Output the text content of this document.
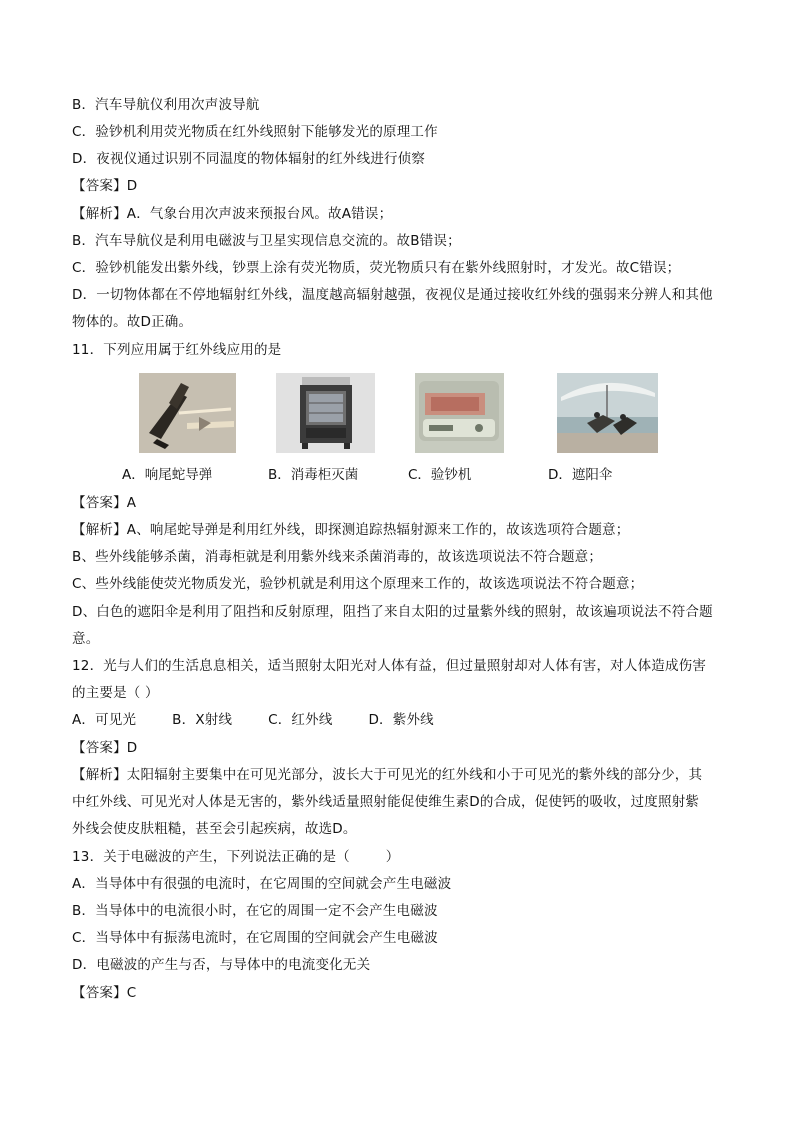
B．汽车导航仪利用次声波导航
C．验钞机利用荧光物质在红外线照射下能够发光的原理工作
D．夜视仪通过识别不同温度的物体辐射的红外线进行侦察
【答案】D
【解析】A．气象台用次声波来预报台风。故A错误；
B．汽车导航仪是利用电磁波与卫星实现信息交流的。故B错误；
C．验钞机能发出紫外线，钞票上涂有荧光物质，荧光物质只有在紫外线照射时，才发光。故C错误；
D．一切物体都在不停地辐射红外线，温度越高辐射越强，夜视仪是通过接收红外线的强弱来分辨人和其他
物体的。故D正确。
11．下列应用属于红外线应用的是
A．响尾蛇导弹	B．消毒柜灭菌	C．验钞机	D．遮阳伞
【答案】A
【解析】A、响尾蛇导弹是利用红外线，即探测追踪热辐射源来工作的，故该选项符合题意；
B、些外线能够杀菌，消毒柜就是利用紫外线来杀菌消毒的，故该选项说法不符合题意；
C、些外线能使荧光物质发光，验钞机就是利用这个原理来工作的，故该选项说法不符合题意；
D、白色的遮阳伞是利用了阻挡和反射原理，阻挡了来自太阳的过量紫外线的照射，故该遍项说法不符合题
意。
12．光与人们的生活息息相关，适当照射太阳光对人体有益，但过量照射却对人体有害，对人体造成伤害
的主要是（ ）
A．可见光        B．X射线        C．红外线        D．紫外线
【答案】D
【解析】太阳辐射主要集中在可见光部分，波长大于可见光的红外线和小于可见光的紫外线的部分少，其
中红外线、可见光对人体是无害的，紫外线适量照射能促使维生素D的合成，促使钙的吸收，过度照射紫
外线会使皮肤粗糙，甚至会引起疾病，故选D。
13．关于电磁波的产生，下列说法正确的是（        ）
A．当导体中有很强的电流时，在它周围的空间就会产生电磁波
B．当导体中的电流很小时，在它的周围一定不会产生电磁波
C．当导体中有振荡电流时，在它周围的空间就会产生电磁波
D．电磁波的产生与否，与导体中的电流变化无关
【答案】C
